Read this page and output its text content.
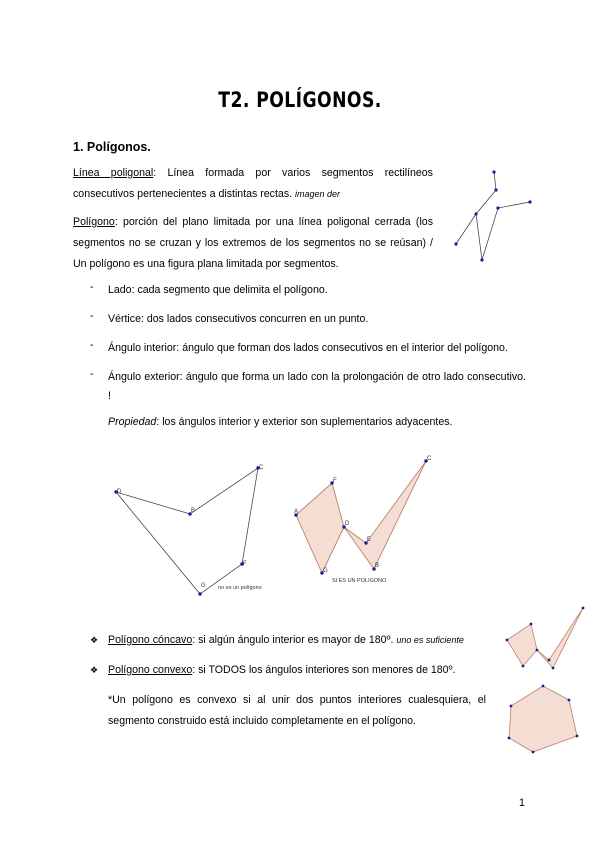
T2. POLÍGONOS.
1. Polígonos.
Línea poligonal: Línea formada por varios segmentos rectilíneos consecutivos pertenecientes a distintas rectas. imagen der
Polígono: porción del plano limitada por una línea poligonal cerrada (los segmentos no se cruzan y los extremos de los segmentos no se reúsan) / Un polígono es una figura plana limitada por segmentos.
- Lado: cada segmento que delimita el polígono.
- Vértice: dos lados consecutivos concurren en un punto.
- Ángulo interior: ángulo que forman dos lados consecutivos en el interior del polígono.
- Ángulo exterior: ángulo que forma un lado con la prolongación de otro lado consecutivo. !
Propiedad: los ángulos interior y exterior son suplementarios adyacentes.
D
C
B
F
G no es un polígono
A
F
C
G
E
B
D
SI ES UN POLIGONO
❖ Polígono cóncavo: si algún ángulo interior es mayor de 180º. uno es suficiente
❖ Polígono convexo: si TODOS los ángulos interiores son menores de 180º.
*Un polígono es convexo si al unir dos puntos interiores cualesquiera, el segmento construido está incluido completamente en el polígono.
1
